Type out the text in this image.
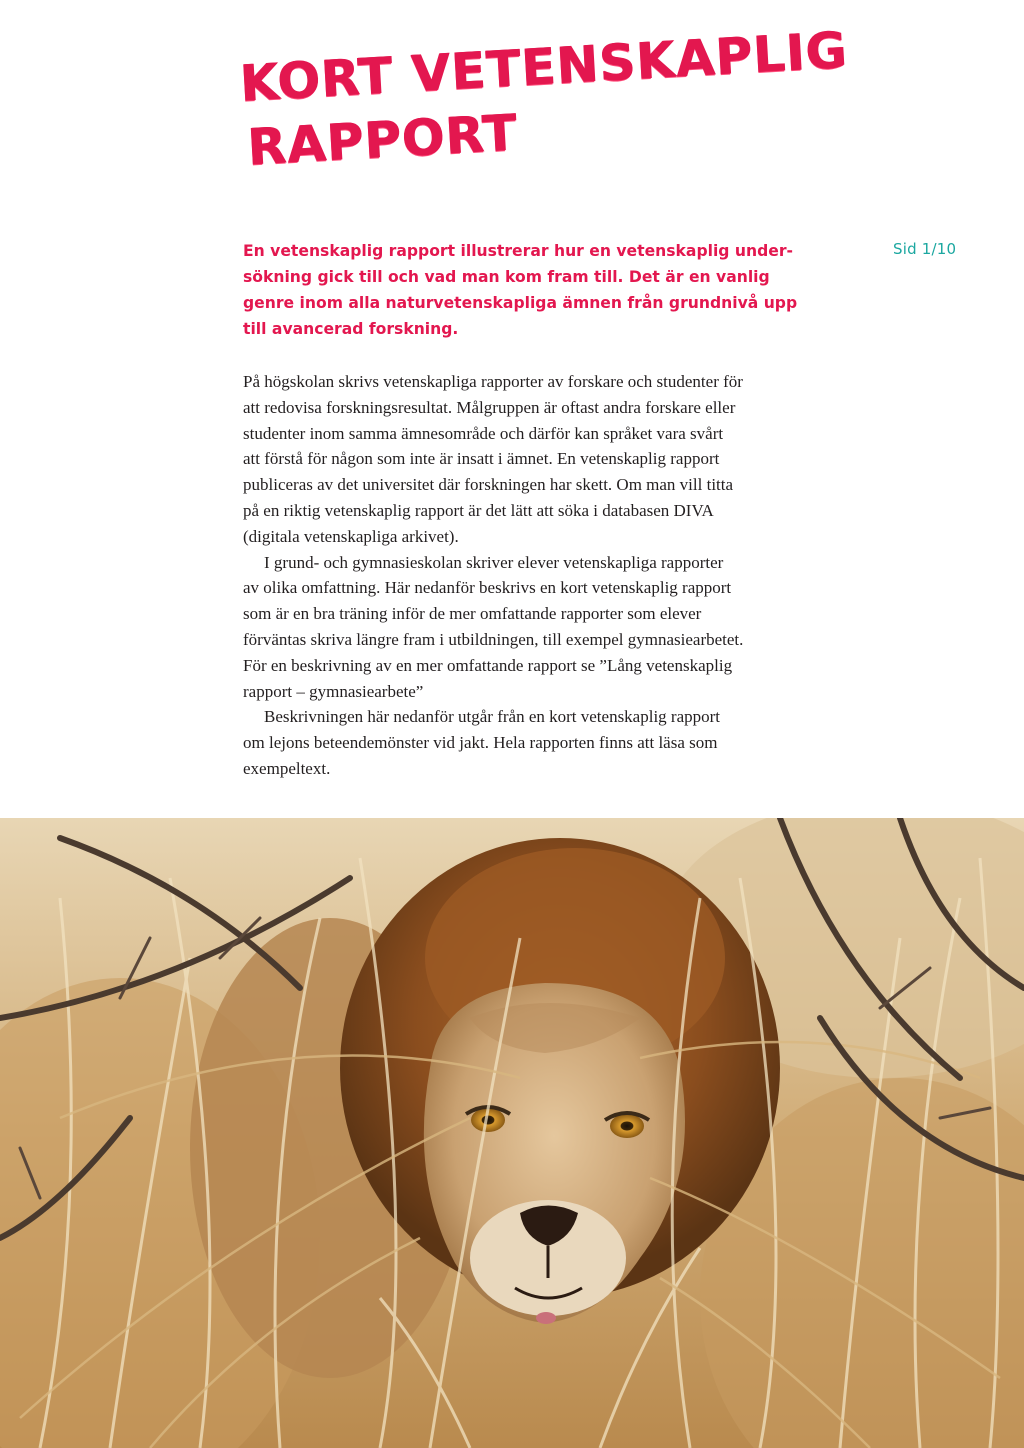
KORT VETENSKAPLIG
RAPPORT
Sid 1/10
En vetenskaplig rapport illustrerar hur en vetenskaplig under-
sökning gick till och vad man kom fram till. Det är en vanlig
genre inom alla naturvetenskapliga ämnen från grundnivå upp
till avancerad forskning.
På högskolan skrivs vetenskapliga rapporter av forskare och studenter för
att redovisa forskningsresultat. Målgruppen är oftast andra forskare eller
studenter inom samma ämnesområde och därför kan språket vara svårt
att förstå för någon som inte är insatt i ämnet. En vetenskaplig rapport
publiceras av det universitet där forskningen har skett. Om man vill titta
på en riktig vetenskaplig rapport är det lätt att söka i databasen DIVA
(digitala vetenskapliga arkivet).
I grund- och gymnasieskolan skriver elever vetenskapliga rapporter
av olika omfattning. Här nedanför beskrivs en kort vetenskaplig rapport
som är en bra träning inför de mer omfattande rapporter som elever
förväntas skriva längre fram i utbildningen, till exempel gymnasiearbetet.
För en beskrivning av en mer omfattande rapport se ”Lång vetenskaplig
rapport – gymnasiearbete”
Beskrivningen här nedanför utgår från en kort vetenskaplig rapport
om lejons beteendemönster vid jakt. Hela rapporten finns att läsa som
exempeltext.
